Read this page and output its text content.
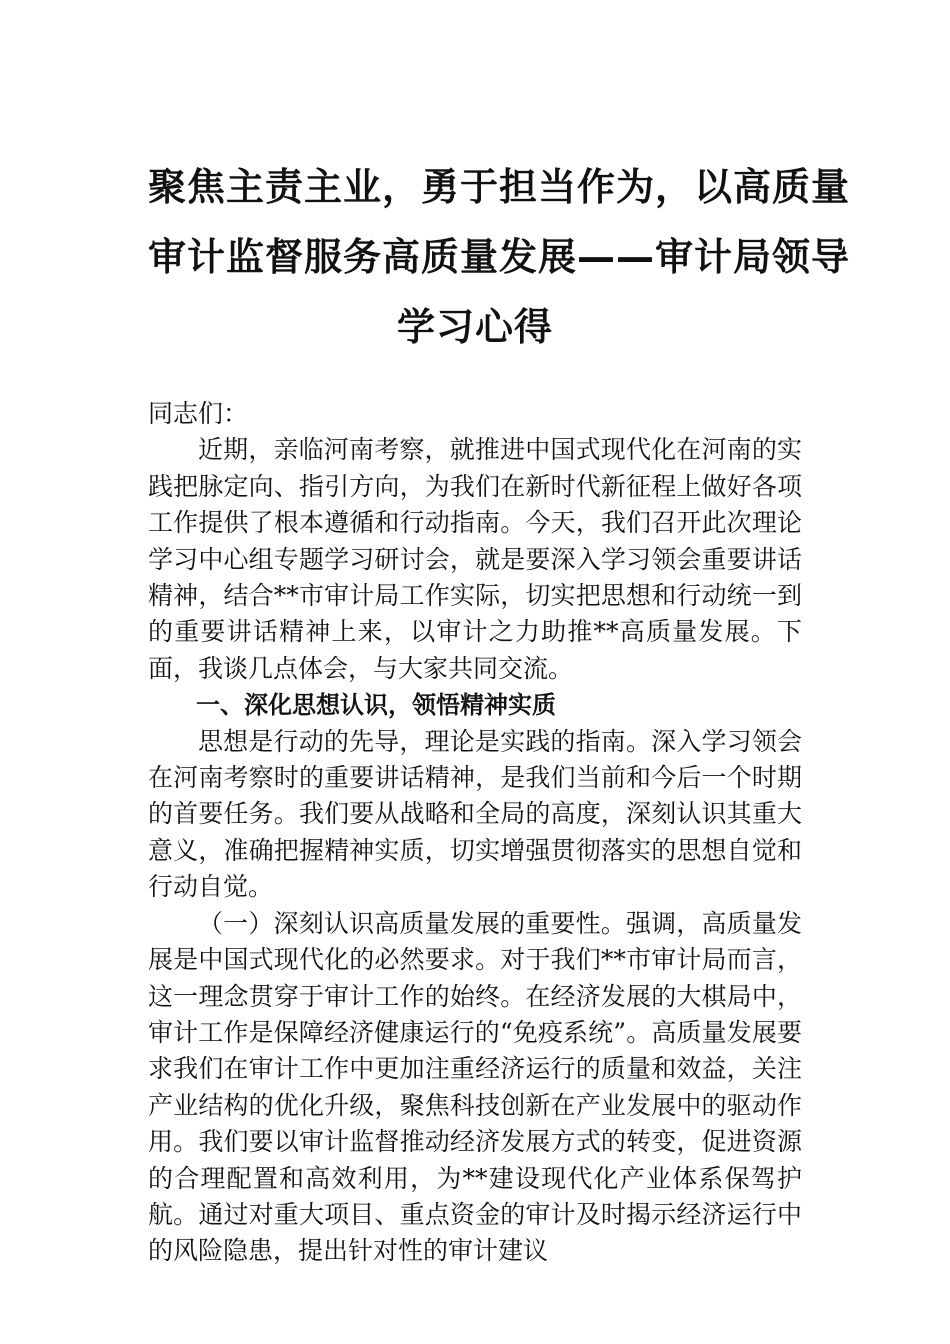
聚焦主责主业，勇于担当作为，以高质量
审计监督服务高质量发展——审计局领导
学习心得

同志们：

近期，亲临河南考察，就推进中国式现代化在河南的实践把脉定向、指引方向，为我们在新时代新征程上做好各项工作提供了根本遵循和行动指南。今天，我们召开此次理论学习中心组专题学习研讨会，就是要深入学习领会重要讲话精神，结合**市审计局工作实际，切实把思想和行动统一到的重要讲话精神上来，以审计之力助推**高质量发展。下面，我谈几点体会，与大家共同交流。

一、深化思想认识，领悟精神实质

思想是行动的先导，理论是实践的指南。深入学习领会在河南考察时的重要讲话精神，是我们当前和今后一个时期的首要任务。我们要从战略和全局的高度，深刻认识其重大意义，准确把握精神实质，切实增强贯彻落实的思想自觉和行动自觉。

（一）深刻认识高质量发展的重要性。强调，高质量发展是中国式现代化的必然要求。对于我们**市审计局而言，这一理念贯穿于审计工作的始终。在经济发展的大棋局中，审计工作是保障经济健康运行的“免疫系统”。高质量发展要求我们在审计工作中更加注重经济运行的质量和效益，关注产业结构的优化升级，聚焦科技创新在产业发展中的驱动作用。我们要以审计监督推动经济发展方式的转变，促进资源的合理配置和高效利用，为**建设现代化产业体系保驾护航。通过对重大项目、重点资金的审计及时揭示经济运行中的风险隐患，提出针对性的审计建议
